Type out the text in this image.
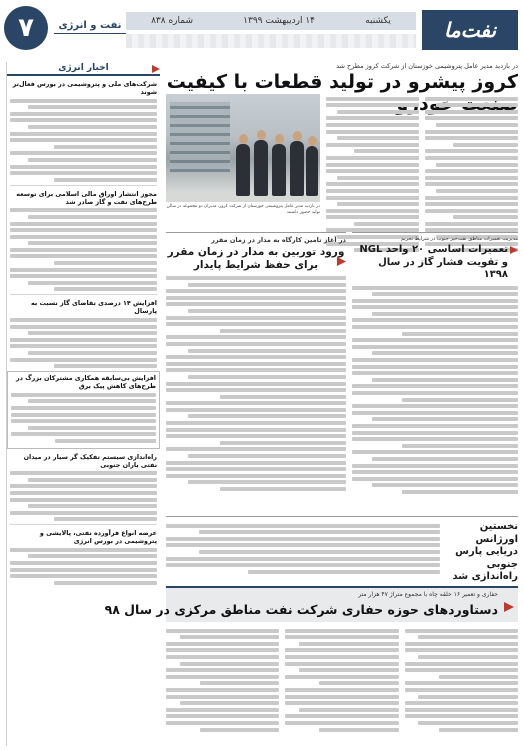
نفت‌ما
یکشنبه
۱۴ اردیبهشت ۱۳۹۹
شماره ۸۳۸
۷	نفت و انرژی
اخبار انرژی
شرکت‌های ملی و پتروشیمی در بورس فعال‌تر شوند
مجوز انتشار اوراق مالی اسلامی برای توسعه طرح‌های نفت و گاز صادر شد
افزایش ۱۴ درصدی تقاضای گاز نسبت به پارسال
افزایش بی‌سابقه همکاری مشترکان بزرگ در طرح‌های کاهش پیک برق
راه‌اندازی سیستم تفکیک گر سیار در میدان نفتی یاران جنوبی
عرضه انواع فرآورده نفتی، پالایشی و پتروشیمی در بورس انرژی
در بازدید مدیر عامل پتروشیمی خوزستان از شرکت کروز مطرح شد
کروز پیشرو در تولید قطعات با کیفیت خودرو
در بازدید مدیر عامل پتروشیمی خوزستان از شرکت کروز، مدیران دو مجموعه در سالن تولید حضور داشتند
در آغاز تامین کارگاه به مدار در زمان مقرر
ورود توربین به مدار در زمان مقرر برای حفظ شرایط پایدار
مدیریت تعمیرات مناطق نفت‌خیز جنوب در شرایط تحریم
تعمیرات اساسی ۲۰ واحد NGL و تقویت فشار گاز در سال ۱۳۹۸
نخستین اورژانس دریایی پارس جنوبی راه‌اندازی شد
حفاری و تعمیر ۱۶ حلقه چاه با مجموع متراژ ۴۷ هزار متر
دستاوردهای حوزه حفاری شرکت نفت مناطق مرکزی در سال ۹۸
